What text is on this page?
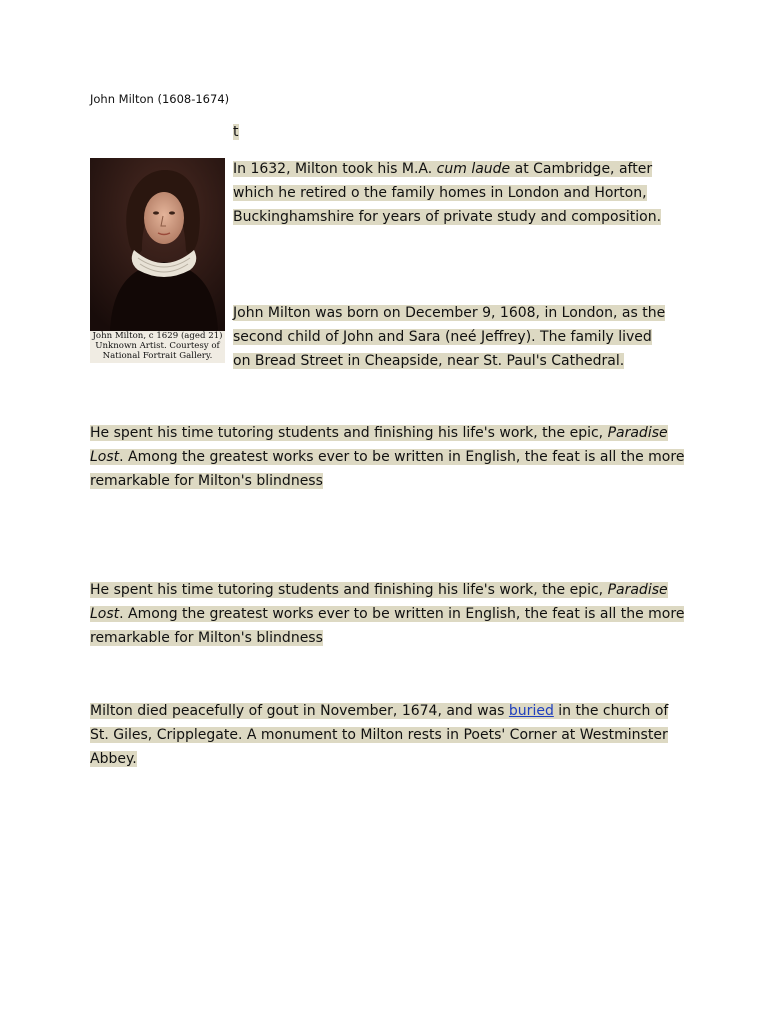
John Milton (1608-1674)
t
John Milton, c 1629 (aged 21)
Unknown Artist. Courtesy of
National Fortrait Gallery.
In 1632, Milton took his M.A. cum laude at Cambridge, after which he retired o the family homes in London and Horton, Buckinghamshire for years of private study and composition.
John Milton was born on December 9, 1608, in London, as the second child of John and Sara (neé Jeffrey). The family lived on Bread Street in Cheapside, near St. Paul's Cathedral.
He spent his time tutoring students and finishing his life's work, the epic, Paradise Lost. Among the greatest works ever to be written in English, the feat is all the more remarkable for Milton's blindness
He spent his time tutoring students and finishing his life's work, the epic, Paradise Lost. Among the greatest works ever to be written in English, the feat is all the more remarkable for Milton's blindness
Milton died peacefully of gout in November, 1674, and was buried in the church of St. Giles, Cripplegate. A monument to Milton rests in Poets' Corner at Westminster Abbey.
